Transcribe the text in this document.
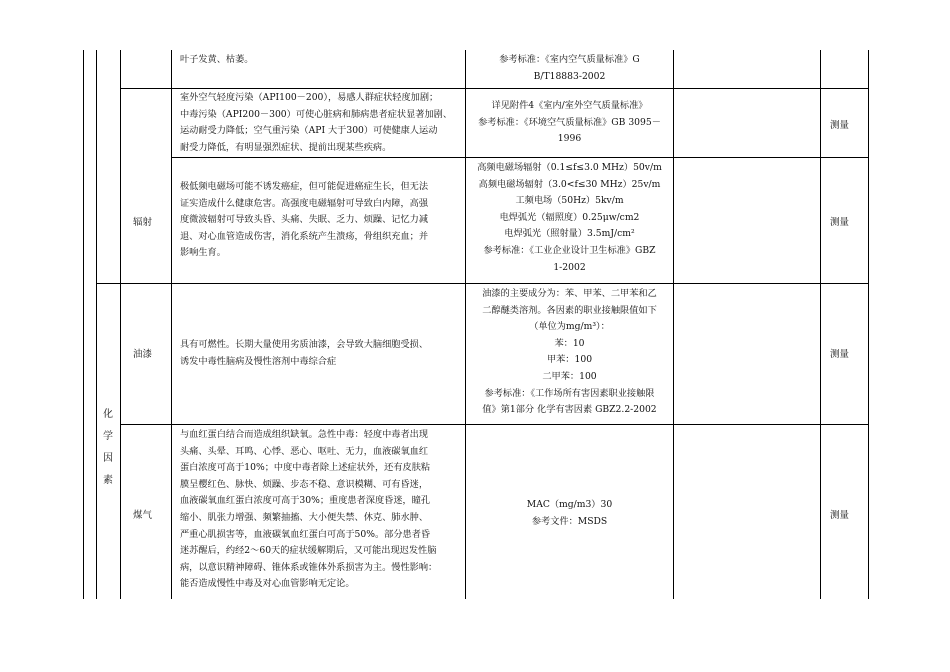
化
学
因
素
叶子发黄、枯萎。	参考标准：《室内空气质量标准》G
B/T18883-2002
室外空气轻度污染（API100－200），易感人群症状轻度加剧；
中毒污染（API200－300）可使心脏病和肺病患者症状显著加剧、
运动耐受力降低；空气重污染（API 大于300）可使健康人运动
耐受力降低，有明显强烈症状、提前出现某些疾病。
详见附件4《室内/室外空气质量标准》
参考标准：《环境空气质量标准》GB 3095－
1996
测量
辐射
极低频电磁场可能不诱发癌症，但可能促进癌症生长，但无法
证实造成什么健康危害。高强度电磁辐射可导致白内障，高强
度微波辐射可导致头昏、头痛、失眠、乏力、烦躁、记忆力减
退、对心血管造成伤害，消化系统产生溃疡，骨组织充血；并
影响生育。
高频电磁场辐射（0.1≤f≤3.0 MHz）50v/m
高频电磁场辐射（3.0<f≤30 MHz）25v/m
工频电场（50Hz）5kv/m
电焊弧光（辐照度）0.25μw/cm2
电焊弧光（照射量）3.5mJ/cm²
参考标准：《工业企业设计卫生标准》GBZ
1-2002
测量
油漆
具有可燃性。长期大量使用劣质油漆，会导致大脑细胞受损、
诱发中毒性脑病及慢性溶剂中毒综合症
油漆的主要成分为：苯、甲苯、二甲苯和乙
二醇醚类溶剂。各因素的职业接触限值如下
（单位为mg/m³）：
苯：10
甲苯：100
二甲苯：100
参考标准：《工作场所有害因素职业接触限
值》第1部分 化学有害因素 GBZ2.2-2002
测量
煤气
与血红蛋白结合而造成组织缺氧。急性中毒：轻度中毒者出现
头痛、头晕、耳鸣、心悸、恶心、呕吐、无力，血液碳氧血红
蛋白浓度可高于10%；中度中毒者除上述症状外，还有皮肤粘
膜呈樱红色、脉快、烦躁、步态不稳、意识模糊、可有昏迷，
血液碳氧血红蛋白浓度可高于30%；重度患者深度昏迷，瞳孔
缩小、肌张力增强、频繁抽搐、大小便失禁、休克、肺水肿、
严重心肌损害等，血液碳氧血红蛋白可高于50%。部分患者昏
迷苏醒后，约经2～60天的症状缓解期后，又可能出现迟发性脑
病，以意识精神障碍、锥体系或锥体外系损害为主。慢性影响：
能否造成慢性中毒及对心血管影响无定论。
MAC（mg/m3）30
参考文件：MSDS
测量
